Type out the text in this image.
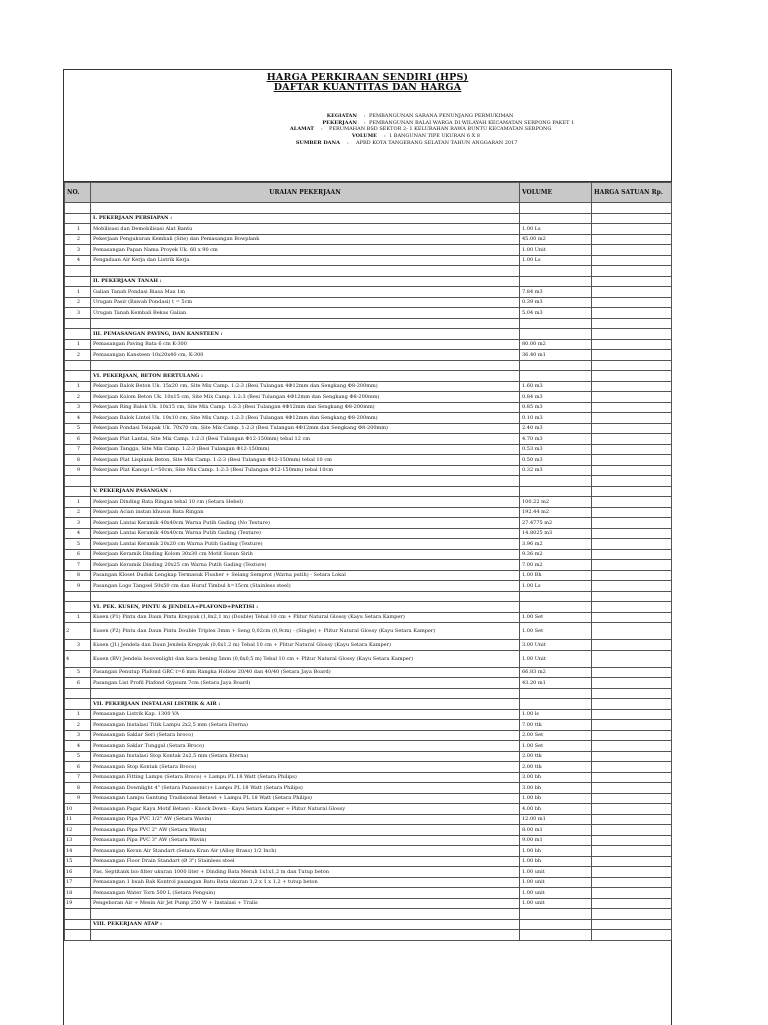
HARGA PERKIRAAN SENDIRI (HPS)
DAFTAR KUANTITAS DAN HARGA
KEGIATAN : PEMBANGUNAN SARANA PENUNJANG PERMUKIMAN
PEKERJAAN : PEMBANGUNAN BALAI WARGA DI WILAYAH KECAMATAN SERPONG PAKET 1
ALAMAT : PERUMAHAN BSD SEKTOR 2- 1 KELURAHAN RAWA BUNTU KECAMATAN SERPONG
VOLUME : 1 BANGUNAN TIPE UKURAN 6 X 8
SUMBER DANA : APBD KOTA TANGERANG SELATAN TAHUN ANGGARAN 2017
NO.	URAIAN PEKERJAAN	VOLUME	HARGA SATUAN Rp.

	I. PEKERJAAN PERSIAPAN :		
1	Mobilisasi dan Demobilisasi Alat Bantu	1.00 Ls	
2	Pekerjaan Pengukuran Kembali (Site) dan Pemasangan Bowplank	45.00 m2	
3	Pemasangan Papan Nama Proyek Uk. 60 x 90 cm	1.00 Unit	
4	Pengadaan Air Kerja dan Listrik Kerja	1.00 Ls	

	II. PEKERJAAN TANAH :		
1	Galian Tanah Pondasi Biasa Max 1m	7.84 m3	
2	Urugan Pasir (Bawah Pondasi) t = 5cm	0.39 m3	
3	Urugan Tanah Kembali Bekas Galian	5.04 m3	

	III. PEMASANGAN PAVING, DAN KANSTEEN :		
1	Pemasangan Paving Bata 6 cm K-300	80.00 m2	
2	Pemasangan Kansteen 10x20x40 cm, K-300	36.40 m1	

	VI. PEKERJAAN, BETON BERTULANG :		
1	Pekerjaan Balok Beton Uk. 15x20 cm, Site Mix Camp. 1:2:3 (Besi Tulangan 4Φ12mm dan Sengkang Φ8-200mm)	1.60 m3	
2	Pekerjaan Kolom Beton Uk. 10x15 cm, Site Mix Camp. 1:2:3 (Besi Tulangan 4Φ12mm dan Sengkang Φ8-200mm)	0.84 m3	
3	Pekerjaan Ring Balok Uk. 10x15 cm, Site Mix Camp. 1:2:3 (Besi Tulangan 4Φ12mm dan Sengkang Φ8-200mm)	0.85 m3	
4	Pekerjaan Balok Lintel Uk. 10x10 cm, Site Mix Camp. 1:2:3 (Besi Tulangan 4Φ12mm dan Sengkang Φ8-200mm)	0.10 m3	
5	Pekerjaan Pondasi Telapak Uk. 70x70 cm, Site Mix Camp. 1:2:3 (Besi Tulangan 4Φ12mm dan Sengkang Φ8-200mm)	2.40 m3	
6	Pekerjaan Plat Lantai, Site Mix Camp. 1:2:3 (Besi Tulangan Φ12-150mm) tebal 12 cm	4.70 m3	
7	Pekerjaan Tangga, Site Mix Camp. 1:2:3 (Besi Tulangan Φ12-150mm)	0.53 m3	
8	Pekerjaan Plat Lisplank Beton, Site Mix Camp. 1:2:3 (Besi Tulangan Φ12-150mm) tebal 10 cm	0.50 m3	
9	Pekerjaan Plat Kanopi L=50cm, Site Mix Camp. 1:2:3 (Besi Tulangan Φ12-150mm) tebal 10cm	0.32 m3	

	V. PEKERJAAN PASANGAN :		
1	Pekerjaan Dinding Bata Ringan tebal 10 cm (Setara Hebel)	100.22 m2	
2	Pekerjaan Acian instan khusus Bata Ringan	192.44 m2	
3	Pekerjaan Lantai Keramik 40x40cm Warna Putih Gading (No Texture)	27.4775 m2	
4	Pekerjaan Lantai Keramik 40x40cm Warna Putih Gading (Texture)	14.8025 m3	
5	Pekerjaan Lantai Keramik 20x20 cm Warna Putih Gading (Texture)	3.96 m2	
6	Pekerjaan Keramik Dinding Kolom 30x30 cm Motif Susun Sirih	9.36 m2	
7	Pekerjaan Keramik Dinding 20x25 cm Warna Putih Gading (Texture)	7.00 m2	
8	Pasangan Kloset Duduk Lengkap Termasuk Flusher + Selang Semprot (Warna putih) - Setara Lokal	1.00 Bh	
9	Pasangan Logo Tangsel 50x50 cm dan Huruf Timbul h=15cm (Stainless steel)	1.00 Ls	

	VI. PEK. KUSEN, PINTU & JENDELA+PLAFOND+PARTISI :		
1	Kusen (P1) Pintu dan Daun Pintu Krepyak (1,8x2,1 m) (Double) Tebal 10 cm + Plitur Natural Glossy (Kayu Setara Kamper)	1.00 Set	
2	Kusen (P2) Pintu dan Daun Pintu Double Triplex 3mm + Seng 0,02cm (0,9cm) - (Single) + Plitur Natural Glossy (Kayu Setara Kamper)	1.00 Set	
3	Kusen (J1) Jendela dan Daun Jendela Krepyak (0,6x1,2 m) Tebal 10 cm + Plitur Natural Glossy (Kayu Setara Kamper)	3.00 Unit	
4	Kusen (BV) Jendela bouvenlight dan kaca bening 5mm (0,6x0,5 m) Tebal 10 cm + Plitur Natural Glossy (Kayu Setara Kamper)	1.00 Unit	
5	Pasangan Penutup Plafond GRC t=6 mm Rangka Hollow 20/40 dan 40/40 (Setara Jaya Board)	66.83 m2	
6	Pasangan List Profil Plafond Gypsum 7cm (Setara Jaya Board)	43.20 m1	

	VII. PEKERJAAN INSTALASI LISTRIK & AIR :		
1	Pemasangan Listrik Kap. 1300 VA	1.00 ls	
2	Pemasangan Instalasi Titik Lampu 2x2,5 mm (Setara Eterna)	7.00 ttk	
3	Pemasangan Saklar Seri (Setara broco)	2.00 Set	
4	Pemasangan Saklar Tunggal (Setara Broco)	1.00 Set	
5	Pemasangan Instalasi Stop Kontak 2x2,5 mm (Setara Eterna)	2.00 ttk	
6	Pemasangan Stop Kontak (Setara Broco)	2.00 ttk	
7	Pemasangan Fitting Lampu (Setara Broco) + Lampu PL 18 Watt (Setara Philips)	3.00 bh	
8	Pemasangan Downlight 4" (Setara Panasonic)+ Lampu PL 18 Watt (Setara Philips)	3.00 bh	
9	Pemasangan Lampu Gantung Tradisional Betawi + Lampu PL 18 Watt (Setara Philips)	1.00 bh	
10	Pemasangan Pagar Kayu Motif Betawi - Knock Down - Kayu Setara Kamper + Plitur Natural Glossy	4.00 bh	
11	Pemasangan Pipa PVC 1/2" AW (Setara Wavin)	12.00 m1	
12	Pemasangan Pipa PVC 2" AW (Setara Wavin)	8.00 m1	
13	Pemasangan Pipa PVC 3" AW (Setara Wavin)	9.00 m1	
14	Pemasangan Keran Air Standart (Setara Kran Air (Alloy Brass) 1/2 Inch)	1.00 bh	
15	Pemasangan Floor Drain Standart (Ø 3") Stainless steel	1.00 bh	
16	Pas. Septitank bio filter ukuran 1000 liter + Dinding Bata Merah 1x1x1,2 m dan Tutup beton	1.00 unit	
17	Pemasangan 1 buah Bak Kontrol pasangan Batu Bata ukuran 1,2 x 1 x 1,2 + tutup beton	1.00 unit	
18	Pemasangan Water Torn 500 L (Setara Penguin)	1.00 unit	
19	Pengeboran Air + Mesin Air Jet Pump 250 W + Instalasi + Tralis	1.00 unit	

	VIII. PEKERJAAN ATAP :		
